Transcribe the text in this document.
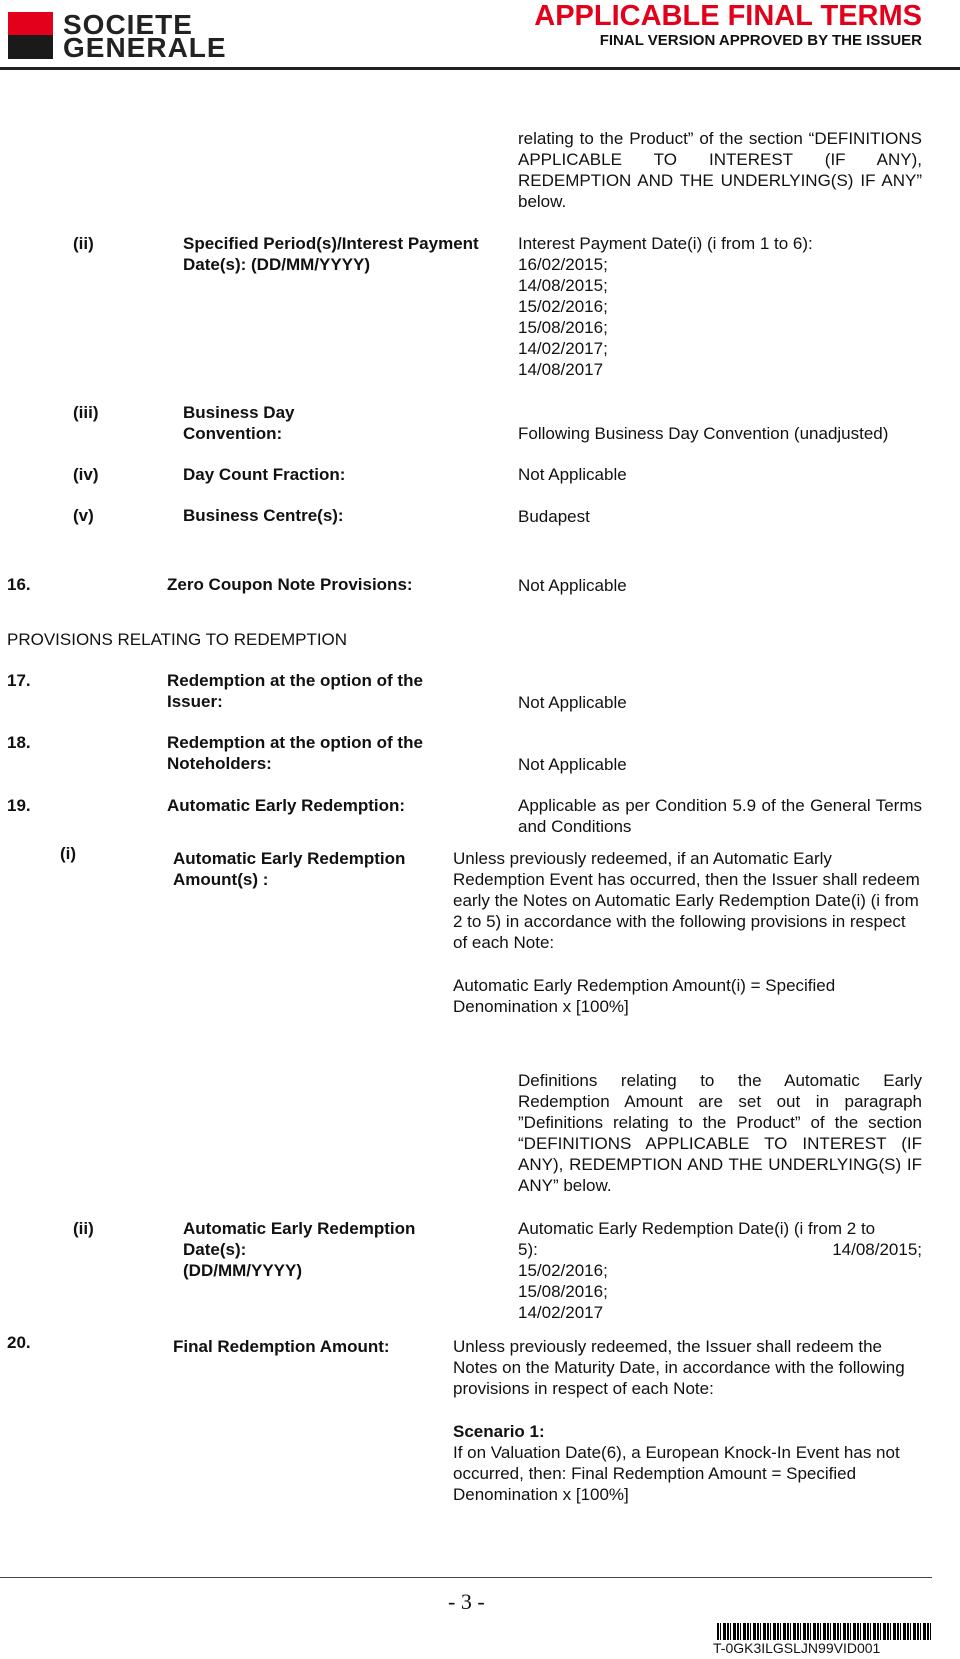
SOCIETE
GENERALE
APPLICABLE FINAL TERMS
FINAL VERSION APPROVED BY THE ISSUER
relating to the Product” of the section “DEFINITIONS APPLICABLE TO INTEREST (IF ANY), REDEMPTION AND THE UNDERLYING(S) IF ANY” below.
(ii)	Specified Period(s)/Interest Payment Date(s): (DD/MM/YYYY)
Interest Payment Date(i) (i from 1 to 6):
16/02/2015;
14/08/2015;
15/02/2016;
15/08/2016;
14/02/2017;
14/08/2017
(iii)	Business Day
Convention:	Following Business Day Convention (unadjusted)
(iv)	Day Count Fraction:	Not Applicable
(v)	Business Centre(s):	Budapest
16.	Zero Coupon Note Provisions:	Not Applicable
PROVISIONS RELATING TO REDEMPTION
17.	Redemption at the option of the
Issuer:	Not Applicable
18.	Redemption at the option of the
Noteholders:	Not Applicable
19.	Automatic Early Redemption:	Applicable as per Condition 5.9 of the General Terms and Conditions
(i)	Automatic Early Redemption
Amount(s) :
Unless previously redeemed, if an Automatic Early Redemption Event has occurred, then the Issuer shall redeem early the Notes on Automatic Early Redemption Date(i) (i from 2 to 5) in accordance with the following provisions in respect of each Note:
Automatic Early Redemption Amount(i) = Specified Denomination x [100%]
Definitions relating to the Automatic Early Redemption Amount are set out in paragraph ”Definitions relating to the Product” of the section “DEFINITIONS APPLICABLE TO INTEREST (IF ANY), REDEMPTION AND THE UNDERLYING(S) IF ANY” below.
(ii)	Automatic Early Redemption
Date(s):
(DD/MM/YYYY)
Automatic Early Redemption Date(i) (i from 2 to
5):	14/08/2015;
15/02/2016;
15/08/2016;
14/02/2017
20.	Final Redemption Amount:	Unless previously redeemed, the Issuer shall redeem the Notes on the Maturity Date, in accordance with the following provisions in respect of each Note:
Scenario 1:
If on Valuation Date(6), a European Knock-In Event has not occurred, then: Final Redemption Amount = Specified Denomination x [100%]
- 3 -
T-0GK3ILGSLJN99VID001
